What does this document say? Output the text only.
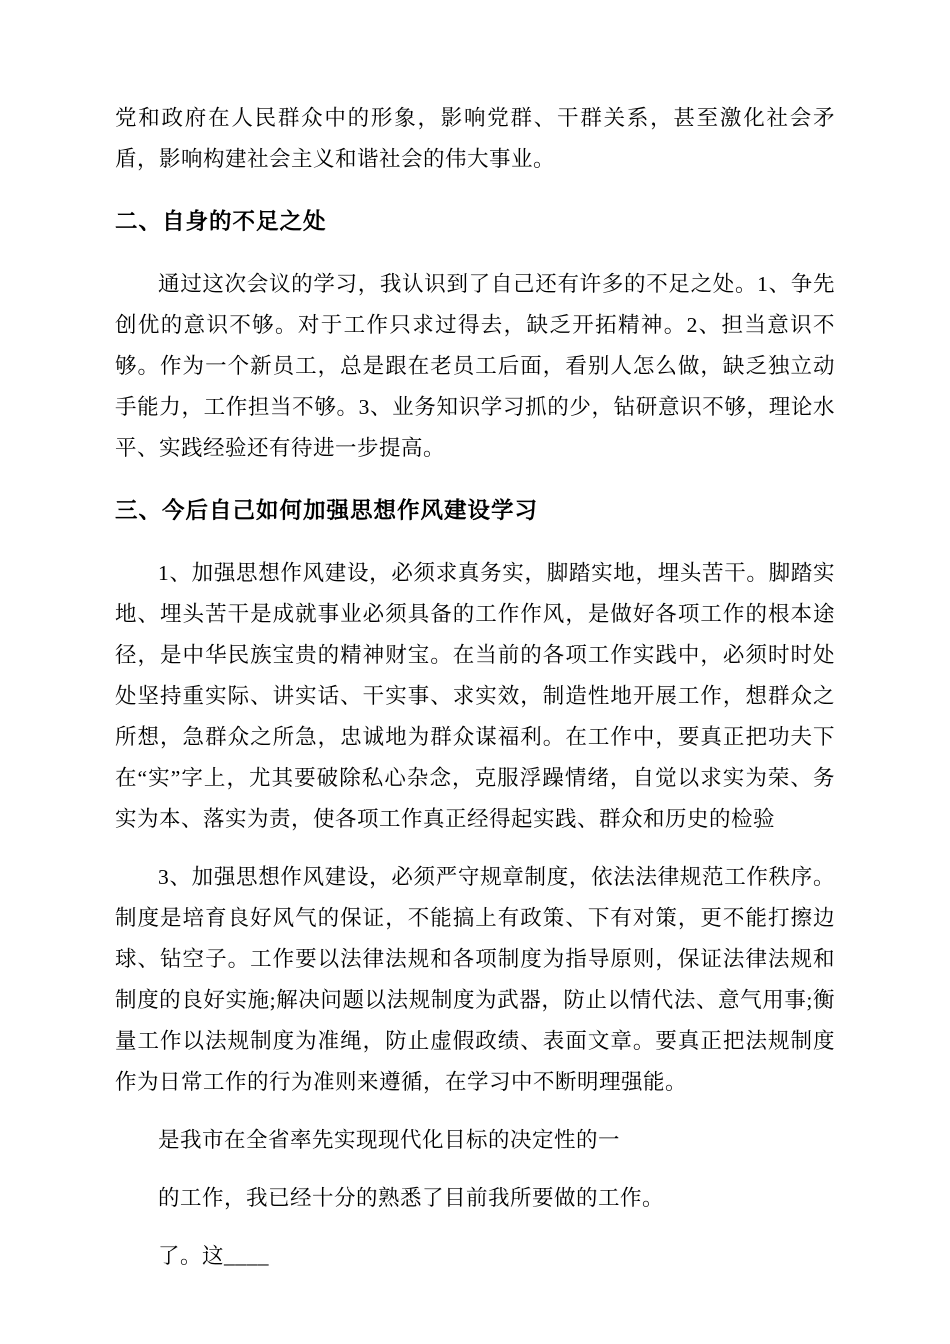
党和政府在人民群众中的形象，影响党群、干群关系，甚至激化社会矛盾，影响构建社会主义和谐社会的伟大事业。

二、自身的不足之处

通过这次会议的学习，我认识到了自己还有许多的不足之处。1、争先创优的意识不够。对于工作只求过得去，缺乏开拓精神。2、担当意识不够。作为一个新员工，总是跟在老员工后面，看别人怎么做，缺乏独立动手能力，工作担当不够。3、业务知识学习抓的少，钻研意识不够，理论水平、实践经验还有待进一步提高。

三、今后自己如何加强思想作风建设学习

1、加强思想作风建设，必须求真务实，脚踏实地，埋头苦干。脚踏实地、埋头苦干是成就事业必须具备的工作作风，是做好各项工作的根本途径，是中华民族宝贵的精神财宝。在当前的各项工作实践中，必须时时处处坚持重实际、讲实话、干实事、求实效，制造性地开展工作，想群众之所想，急群众之所急，忠诚地为群众谋福利。在工作中，要真正把功夫下在“实”字上，尤其要破除私心杂念，克服浮躁情绪，自觉以求实为荣、务实为本、落实为责，使各项工作真正经得起实践、群众和历史的检验

3、加强思想作风建设，必须严守规章制度，依法法律规范工作秩序。制度是培育良好风气的保证，不能搞上有政策、下有对策，更不能打擦边球、钻空子。工作要以法律法规和各项制度为指导原则，保证法律法规和制度的良好实施;解决问题以法规制度为武器，防止以情代法、意气用事;衡量工作以法规制度为准绳，防止虚假政绩、表面文章。要真正把法规制度作为日常工作的行为准则来遵循，在学习中不断明理强能。

是我市在全省率先实现现代化目标的决定性的一

的工作，我已经十分的熟悉了目前我所要做的工作。

了。这____
